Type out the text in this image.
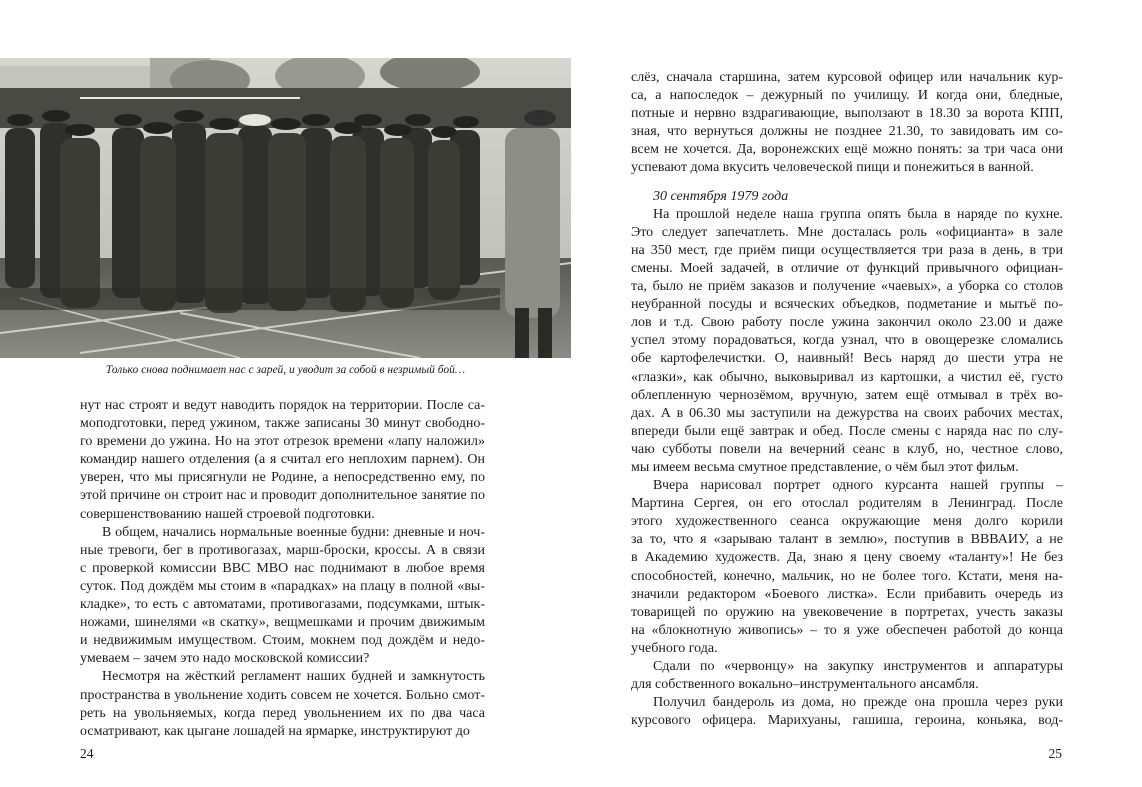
Только снова поднимает нас с зарей, и уводит за собой в незримый бой…
нут нас строят и ведут наводить порядок на территории. После са-
моподготовки, перед ужином, также записаны 30 минут свободно-
го времени до ужина. Но на этот отрезок времени «лапу наложил»
командир нашего отделения (а я считал его неплохим парнем). Он
уверен, что мы присягнули не Родине, а непосредственно ему, по
этой причине он строит нас и проводит дополнительное занятие по
совершенствованию нашей строевой подготовки.
В общем, начались нормальные военные будни: дневные и ноч-
ные тревоги, бег в противогазах, марш-броски, кроссы. А в связи
с проверкой комиссии ВВС МВО нас поднимают в любое время
суток. Под дождём мы стоим в «парадках» на плацу в полной «вы-
кладке», то есть с автоматами, противогазами, подсумками, штык-
ножами, шинелями «в скатку», вещмешками и прочим движимым
и недвижимым имуществом. Стоим, мокнем под дождём и недо-
умеваем – зачем это надо московской комиссии?
Несмотря на жёсткий регламент наших будней и замкнутость
пространства в увольнение ходить совсем не хочется. Больно смот-
реть на увольняемых, когда перед увольнением их по два часа
осматривают, как цыгане лошадей на ярмарке, инструктируют до
24
слёз, сначала старшина, затем курсовой офицер или начальник кур-
са, а напоследок – дежурный по училищу. И когда они, бледные,
потные и нервно вздрагивающие, выползают в 18.30 за ворота КПП,
зная, что вернуться должны не позднее 21.30, то завидовать им со-
всем не хочется. Да, воронежских ещё можно понять: за три часа они
успевают дома вкусить человеческой пищи и понежиться в ванной.
30 сентября 1979 года
На прошлой неделе наша группа опять была в наряде по кухне.
Это следует запечатлеть. Мне досталась роль «официанта» в зале
на 350 мест, где приём пищи осуществляется три раза в день, в три
смены. Моей задачей, в отличие от функций привычного официан-
та, было не приём заказов и получение «чаевых», а уборка со столов
неубранной посуды и всяческих объедков, подметание и мытьё по-
лов и т.д. Свою работу после ужина закончил около 23.00 и даже
успел этому порадоваться, когда узнал, что в овощерезке сломались
обе картофелечистки. О, наивный! Весь наряд до шести утра не
«глазки», как обычно, выковыривал из картошки, а чистил её, густо
облепленную чернозёмом, вручную, затем ещё отмывал в трёх во-
дах. А в 06.30 мы заступили на дежурства на своих рабочих местах,
впереди были ещё завтрак и обед. После смены с наряда нас по слу-
чаю субботы повели на вечерний сеанс в клуб, но, честное слово,
мы имеем весьма смутное представление, о чём был этот фильм.
Вчера нарисовал портрет одного курсанта нашей группы –
Мартина Сергея, он его отослал родителям в Ленинград. После
этого художественного сеанса окружающие меня долго корили
за то, что я «зарываю талант в землю», поступив в ВВВАИУ, а не
в Академию художеств. Да, знаю я цену своему «таланту»! Не без
способностей, конечно, мальчик, но не более того. Кстати, меня на-
значили редактором «Боевого листка». Если прибавить очередь из
товарищей по оружию на увековечение в портретах, учесть заказы
на «блокнотную живопись» – то я уже обеспечен работой до конца
учебного года.
Сдали по «червонцу» на закупку инструментов и аппаратуры
для собственного вокально–инструментального ансамбля.
Получил бандероль из дома, но прежде она прошла через руки
курсового офицера. Марихуаны, гашиша, героина, коньяка, вод-
25
